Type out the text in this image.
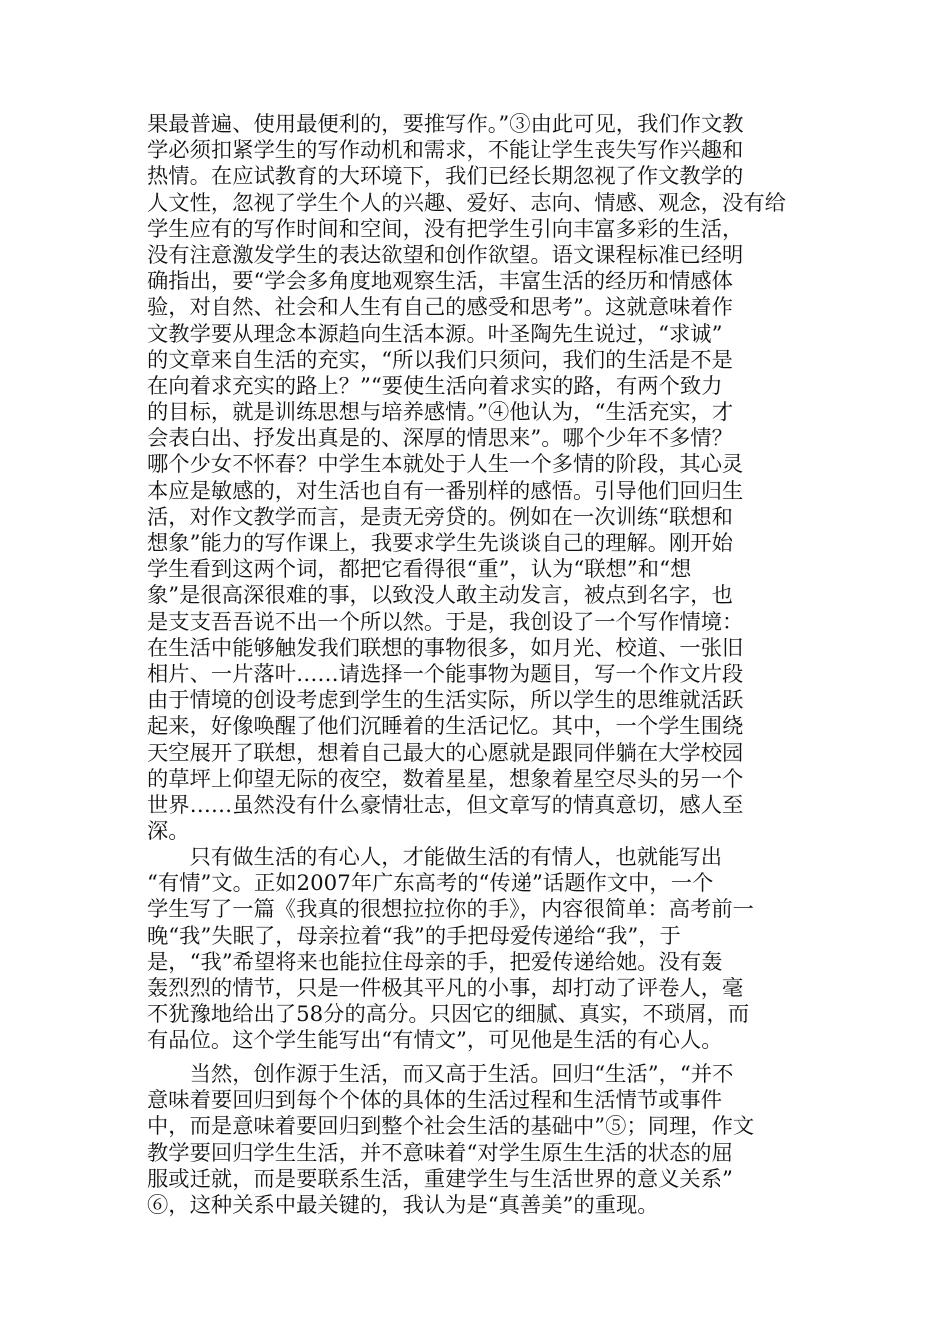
果最普遍、使用最便利的，要推写作。”③由此可见，我们作文教
学必须扣紧学生的写作动机和需求，不能让学生丧失写作兴趣和
热情。在应试教育的大环境下，我们已经长期忽视了作文教学的
人文性，忽视了学生个人的兴趣、爱好、志向、情感、观念，没有给
学生应有的写作时间和空间，没有把学生引向丰富多彩的生活，
没有注意激发学生的表达欲望和创作欲望。语文课程标准已经明
确指出，要“学会多角度地观察生活，丰富生活的经历和情感体
验，对自然、社会和人生有自己的感受和思考”。这就意味着作
文教学要从理念本源趋向生活本源。叶圣陶先生说过，“求诚”
的文章来自生活的充实，“所以我们只须问，我们的生活是不是
在向着求充实的路上？”“要使生活向着求实的路，有两个致力
的目标，就是训练思想与培养感情。”④他认为，“生活充实，才
会表白出、抒发出真是的、深厚的情思来”。哪个少年不多情？
哪个少女不怀春？中学生本就处于人生一个多情的阶段，其心灵
本应是敏感的，对生活也自有一番别样的感悟。引导他们回归生
活，对作文教学而言，是责无旁贷的。例如在一次训练“联想和
想象”能力的写作课上，我要求学生先谈谈自己的理解。刚开始
学生看到这两个词，都把它看得很“重”，认为“联想”和“想
象”是很高深很难的事，以致没人敢主动发言，被点到名字，也
是支支吾吾说不出一个所以然。于是，我创设了一个写作情境：
在生活中能够触发我们联想的事物很多，如月光、校道、一张旧
相片、一片落叶……请选择一个能事物为题目，写一个作文片段
由于情境的创设考虑到学生的生活实际，所以学生的思维就活跃
起来，好像唤醒了他们沉睡着的生活记忆。其中，一个学生围绕
天空展开了联想，想着自己最大的心愿就是跟同伴躺在大学校园
的草坪上仰望无际的夜空，数着星星，想象着星空尽头的另一个
世界……虽然没有什么豪情壮志，但文章写的情真意切，感人至
深。
　　只有做生活的有心人，才能做生活的有情人，也就能写出
“有情”文。正如2007年广东高考的“传递”话题作文中，一个
学生写了一篇《我真的很想拉拉你的手》，内容很简单：高考前一
晚“我”失眠了，母亲拉着“我”的手把母爱传递给“我”，于
是，“我”希望将来也能拉住母亲的手，把爱传递给她。没有轰
轰烈烈的情节，只是一件极其平凡的小事，却打动了评卷人，毫
不犹豫地给出了58分的高分。只因它的细腻、真实，不琐屑，而
有品位。这个学生能写出“有情文”，可见他是生活的有心人。
　　当然，创作源于生活，而又高于生活。回归“生活”，“并不
意味着要回归到每个个体的具体的生活过程和生活情节或事件
中，而是意味着要回归到整个社会生活的基础中”⑤；同理，作文
教学要回归学生生活，并不意味着“对学生原生生活的状态的屈
服或迁就，而是要联系生活，重建学生与生活世界的意义关系”
⑥，这种关系中最关键的，我认为是“真善美”的重现。
